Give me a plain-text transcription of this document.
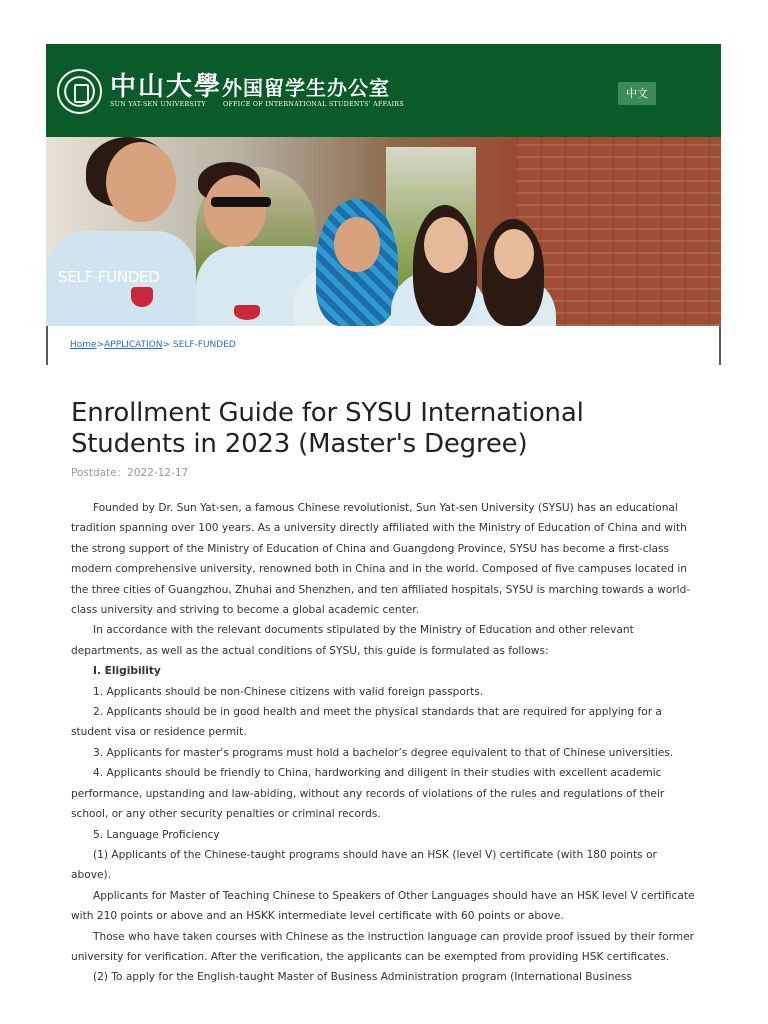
中山大學 外国留学生办公室
SUN YAT-SEN UNIVERSITY	OFFICE OF INTERNATIONAL STUDENTS' AFFAIRS
中文
SELF-FUNDED
Home>APPLICATION> SELF-FUNDED
Enrollment Guide for SYSU International Students in 2023 (Master's Degree)
Postdate：2022-12-17

Founded by Dr. Sun Yat-sen, a famous Chinese revolutionist, Sun Yat-sen University (SYSU) has an educational tradition spanning over 100 years. As a university directly affiliated with the Ministry of Education of China and with the strong support of the Ministry of Education of China and Guangdong Province, SYSU has become a first-class modern comprehensive university, renowned both in China and in the world. Composed of five campuses located in the three cities of Guangzhou, Zhuhai and Shenzhen, and ten affiliated hospitals, SYSU is marching towards a world-class university and striving to become a global academic center.

In accordance with the relevant documents stipulated by the Ministry of Education and other relevant departments, as well as the actual conditions of SYSU, this guide is formulated as follows:

I. Eligibility

1. Applicants should be non-Chinese citizens with valid foreign passports.

2. Applicants should be in good health and meet the physical standards that are required for applying for a student visa or residence permit.

3. Applicants for master's programs must hold a bachelor’s degree equivalent to that of Chinese universities.

4. Applicants should be friendly to China, hardworking and diligent in their studies with excellent academic performance, upstanding and law-abiding, without any records of violations of the rules and regulations of their school, or any other security penalties or criminal records.

5. Language Proficiency

(1) Applicants of the Chinese-taught programs should have an HSK (level V) certificate (with 180 points or above).

Applicants for Master of Teaching Chinese to Speakers of Other Languages should have an HSK level V certificate with 210 points or above and an HSKK intermediate level certificate with 60 points or above.

Those who have taken courses with Chinese as the instruction language can provide proof issued by their former university for verification. After the verification, the applicants can be exempted from providing HSK certificates.

(2) To apply for the English-taught Master of Business Administration program (International Business
